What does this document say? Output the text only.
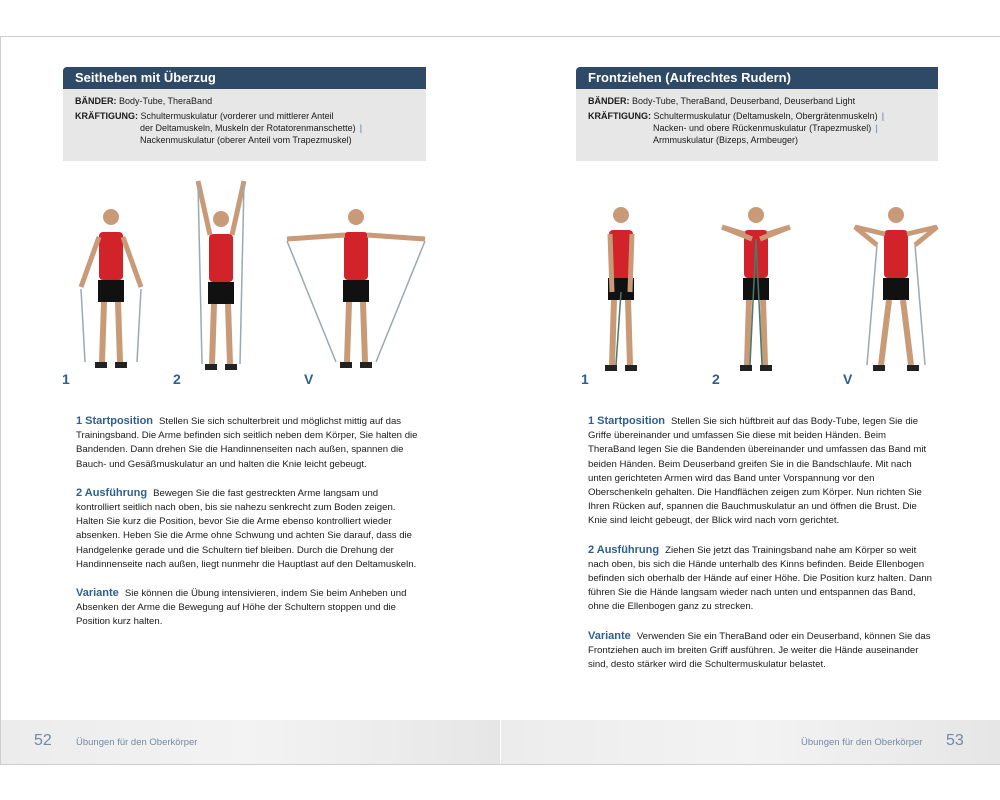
Seitheben mit Überzug
BÄNDER: Body-Tube, TheraBand
KRÄFTIGUNG: Schultermuskulatur (vorderer und mittlerer Anteil
der Deltamuskeln, Muskeln der Rotatorenmanschette) |
Nackenmuskulatur (oberer Anteil vom Trapezmuskel)
1	2	V

1 Startposition Stellen Sie sich schulterbreit und möglichst mittig auf das Trainingsband. Die Arme befinden sich seitlich neben dem Körper, Sie halten die Bandenden. Dann drehen Sie die Handinnenseiten nach außen, spannen die Bauch- und Gesäßmuskulatur an und halten die Knie leicht gebeugt.

2 Ausführung Bewegen Sie die fast gestreckten Arme langsam und kontrolliert seitlich nach oben, bis sie nahezu senkrecht zum Boden zeigen. Halten Sie kurz die Position, bevor Sie die Arme ebenso kontrolliert wieder absenken. Heben Sie die Arme ohne Schwung und achten Sie darauf, dass die Handgelenke gerade und die Schultern tief bleiben. Durch die Drehung der Handinnenseite nach außen, liegt nunmehr die Hauptlast auf den Deltamuskeln.

Variante Sie können die Übung intensivieren, indem Sie beim Anheben und Absenken der Arme die Bewegung auf Höhe der Schultern stoppen und die Position kurz halten.

52	Übungen für den Oberkörper
Frontziehen (Aufrechtes Rudern)
BÄNDER: Body-Tube, TheraBand, Deuserband, Deuserband Light
KRÄFTIGUNG: Schultermuskulatur (Deltamuskeln, Obergrätenmuskeln) |
Nacken- und obere Rückenmuskulatur (Trapezmuskel) |
Armmuskulatur (Bizeps, Armbeuger)
1	2	V

1 Startposition Stellen Sie sich hüftbreit auf das Body-Tube, legen Sie die Griffe übereinander und umfassen Sie diese mit beiden Händen. Beim TheraBand legen Sie die Bandenden übereinander und umfassen das Band mit beiden Händen. Beim Deuserband greifen Sie in die Bandschlaufe. Mit nach unten gerichteten Armen wird das Band unter Vorspannung vor den Oberschenkeln gehalten. Die Handflächen zeigen zum Körper. Nun richten Sie Ihren Rücken auf, spannen die Bauchmuskulatur an und öffnen die Brust. Die Knie sind leicht gebeugt, der Blick wird nach vorn gerichtet.

2 Ausführung Ziehen Sie jetzt das Trainingsband nahe am Körper so weit nach oben, bis sich die Hände unterhalb des Kinns befinden. Beide Ellenbogen befinden sich oberhalb der Hände auf einer Höhe. Die Position kurz halten. Dann führen Sie die Hände langsam wieder nach unten und entspannen das Band, ohne die Ellenbogen ganz zu strecken.

Variante Verwenden Sie ein TheraBand oder ein Deuserband, können Sie das Frontziehen auch im breiten Griff ausführen. Je weiter die Hände auseinander sind, desto stärker wird die Schultermuskulatur belastet.

Übungen für den Oberkörper 53
